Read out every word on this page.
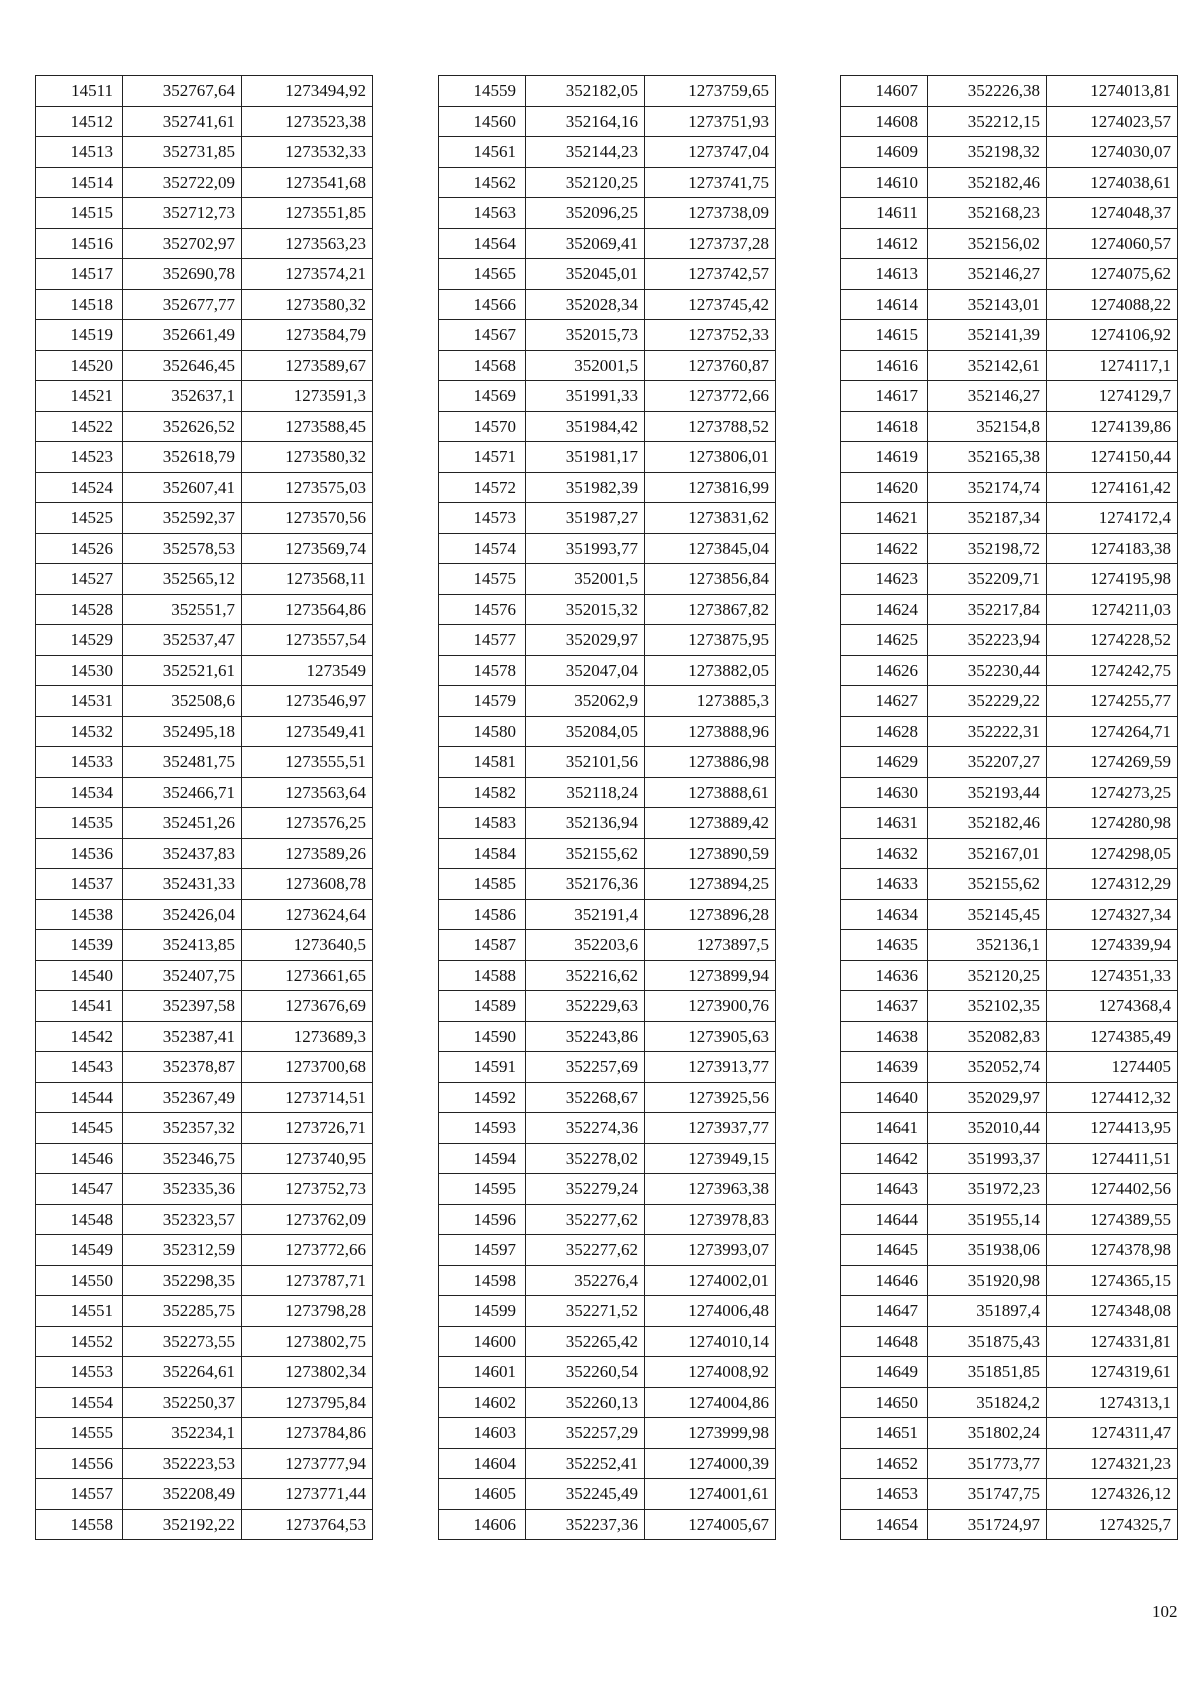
14511	352767,64	1273494,92
14512	352741,61	1273523,38
14513	352731,85	1273532,33
14514	352722,09	1273541,68
14515	352712,73	1273551,85
14516	352702,97	1273563,23
14517	352690,78	1273574,21
14518	352677,77	1273580,32
14519	352661,49	1273584,79
14520	352646,45	1273589,67
14521	352637,1	1273591,3
14522	352626,52	1273588,45
14523	352618,79	1273580,32
14524	352607,41	1273575,03
14525	352592,37	1273570,56
14526	352578,53	1273569,74
14527	352565,12	1273568,11
14528	352551,7	1273564,86
14529	352537,47	1273557,54
14530	352521,61	1273549
14531	352508,6	1273546,97
14532	352495,18	1273549,41
14533	352481,75	1273555,51
14534	352466,71	1273563,64
14535	352451,26	1273576,25
14536	352437,83	1273589,26
14537	352431,33	1273608,78
14538	352426,04	1273624,64
14539	352413,85	1273640,5
14540	352407,75	1273661,65
14541	352397,58	1273676,69
14542	352387,41	1273689,3
14543	352378,87	1273700,68
14544	352367,49	1273714,51
14545	352357,32	1273726,71
14546	352346,75	1273740,95
14547	352335,36	1273752,73
14548	352323,57	1273762,09
14549	352312,59	1273772,66
14550	352298,35	1273787,71
14551	352285,75	1273798,28
14552	352273,55	1273802,75
14553	352264,61	1273802,34
14554	352250,37	1273795,84
14555	352234,1	1273784,86
14556	352223,53	1273777,94
14557	352208,49	1273771,44
14558	352192,22	1273764,53
14559	352182,05	1273759,65
14560	352164,16	1273751,93
14561	352144,23	1273747,04
14562	352120,25	1273741,75
14563	352096,25	1273738,09
14564	352069,41	1273737,28
14565	352045,01	1273742,57
14566	352028,34	1273745,42
14567	352015,73	1273752,33
14568	352001,5	1273760,87
14569	351991,33	1273772,66
14570	351984,42	1273788,52
14571	351981,17	1273806,01
14572	351982,39	1273816,99
14573	351987,27	1273831,62
14574	351993,77	1273845,04
14575	352001,5	1273856,84
14576	352015,32	1273867,82
14577	352029,97	1273875,95
14578	352047,04	1273882,05
14579	352062,9	1273885,3
14580	352084,05	1273888,96
14581	352101,56	1273886,98
14582	352118,24	1273888,61
14583	352136,94	1273889,42
14584	352155,62	1273890,59
14585	352176,36	1273894,25
14586	352191,4	1273896,28
14587	352203,6	1273897,5
14588	352216,62	1273899,94
14589	352229,63	1273900,76
14590	352243,86	1273905,63
14591	352257,69	1273913,77
14592	352268,67	1273925,56
14593	352274,36	1273937,77
14594	352278,02	1273949,15
14595	352279,24	1273963,38
14596	352277,62	1273978,83
14597	352277,62	1273993,07
14598	352276,4	1274002,01
14599	352271,52	1274006,48
14600	352265,42	1274010,14
14601	352260,54	1274008,92
14602	352260,13	1274004,86
14603	352257,29	1273999,98
14604	352252,41	1274000,39
14605	352245,49	1274001,61
14606	352237,36	1274005,67
14607	352226,38	1274013,81
14608	352212,15	1274023,57
14609	352198,32	1274030,07
14610	352182,46	1274038,61
14611	352168,23	1274048,37
14612	352156,02	1274060,57
14613	352146,27	1274075,62
14614	352143,01	1274088,22
14615	352141,39	1274106,92
14616	352142,61	1274117,1
14617	352146,27	1274129,7
14618	352154,8	1274139,86
14619	352165,38	1274150,44
14620	352174,74	1274161,42
14621	352187,34	1274172,4
14622	352198,72	1274183,38
14623	352209,71	1274195,98
14624	352217,84	1274211,03
14625	352223,94	1274228,52
14626	352230,44	1274242,75
14627	352229,22	1274255,77
14628	352222,31	1274264,71
14629	352207,27	1274269,59
14630	352193,44	1274273,25
14631	352182,46	1274280,98
14632	352167,01	1274298,05
14633	352155,62	1274312,29
14634	352145,45	1274327,34
14635	352136,1	1274339,94
14636	352120,25	1274351,33
14637	352102,35	1274368,4
14638	352082,83	1274385,49
14639	352052,74	1274405
14640	352029,97	1274412,32
14641	352010,44	1274413,95
14642	351993,37	1274411,51
14643	351972,23	1274402,56
14644	351955,14	1274389,55
14645	351938,06	1274378,98
14646	351920,98	1274365,15
14647	351897,4	1274348,08
14648	351875,43	1274331,81
14649	351851,85	1274319,61
14650	351824,2	1274313,1
14651	351802,24	1274311,47
14652	351773,77	1274321,23
14653	351747,75	1274326,12
14654	351724,97	1274325,7
102
